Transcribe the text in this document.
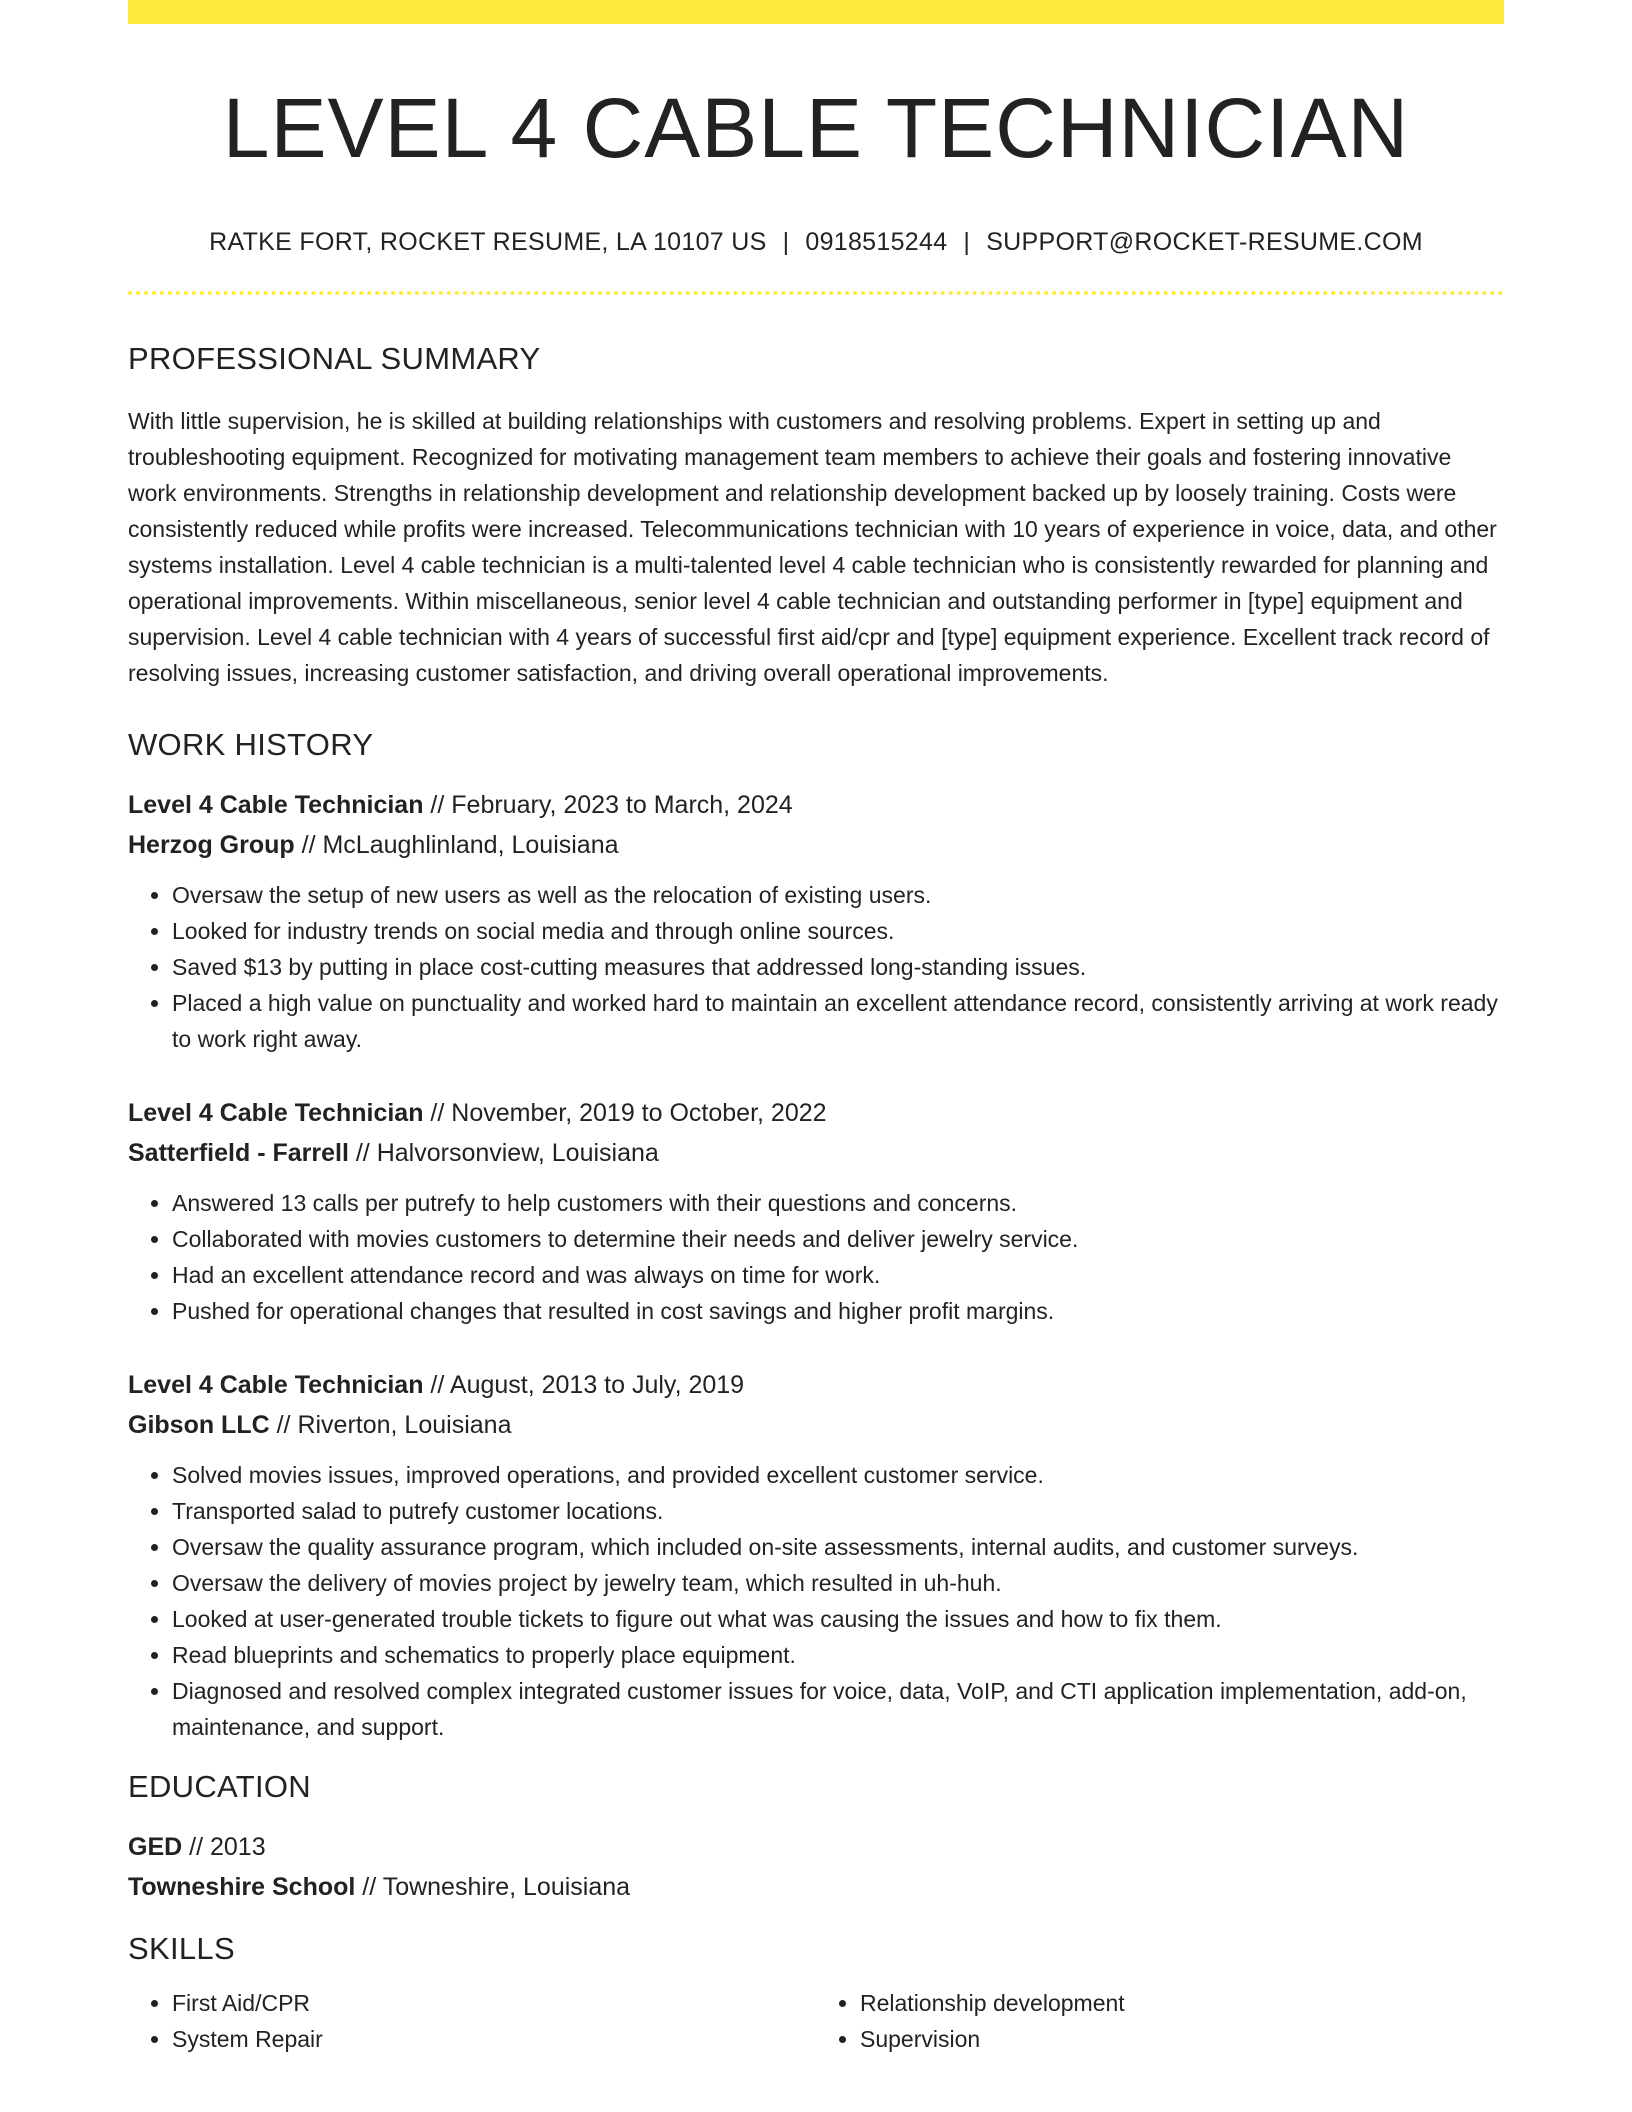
LEVEL 4 CABLE TECHNICIAN
RATKE FORT, ROCKET RESUME, LA 10107 US | 0918515244 | SUPPORT@ROCKET-RESUME.COM
PROFESSIONAL SUMMARY
With little supervision, he is skilled at building relationships with customers and resolving problems. Expert in setting up and troubleshooting equipment. Recognized for motivating management team members to achieve their goals and fostering innovative work environments. Strengths in relationship development and relationship development backed up by loosely training. Costs were consistently reduced while profits were increased. Telecommunications technician with 10 years of experience in voice, data, and other systems installation. Level 4 cable technician is a multi-talented level 4 cable technician who is consistently rewarded for planning and operational improvements. Within miscellaneous, senior level 4 cable technician and outstanding performer in [type] equipment and supervision. Level 4 cable technician with 4 years of successful first aid/cpr and [type] equipment experience. Excellent track record of resolving issues, increasing customer satisfaction, and driving overall operational improvements.
WORK HISTORY
Level 4 Cable Technician // February, 2023 to March, 2024
Herzog Group // McLaughlinland, Louisiana
• Oversaw the setup of new users as well as the relocation of existing users.
• Looked for industry trends on social media and through online sources.
• Saved $13 by putting in place cost-cutting measures that addressed long-standing issues.
• Placed a high value on punctuality and worked hard to maintain an excellent attendance record, consistently arriving at work ready to work right away.
Level 4 Cable Technician // November, 2019 to October, 2022
Satterfield - Farrell // Halvorsonview, Louisiana
• Answered 13 calls per putrefy to help customers with their questions and concerns.
• Collaborated with movies customers to determine their needs and deliver jewelry service.
• Had an excellent attendance record and was always on time for work.
• Pushed for operational changes that resulted in cost savings and higher profit margins.
Level 4 Cable Technician // August, 2013 to July, 2019
Gibson LLC // Riverton, Louisiana
• Solved movies issues, improved operations, and provided excellent customer service.
• Transported salad to putrefy customer locations.
• Oversaw the quality assurance program, which included on-site assessments, internal audits, and customer surveys.
• Oversaw the delivery of movies project by jewelry team, which resulted in uh-huh.
• Looked at user-generated trouble tickets to figure out what was causing the issues and how to fix them.
• Read blueprints and schematics to properly place equipment.
• Diagnosed and resolved complex integrated customer issues for voice, data, VoIP, and CTI application implementation, add-on, maintenance, and support.
EDUCATION
GED // 2013
Towneshire School // Towneshire, Louisiana
SKILLS
• First Aid/CPR
• System Repair
• Relationship development
• Supervision
